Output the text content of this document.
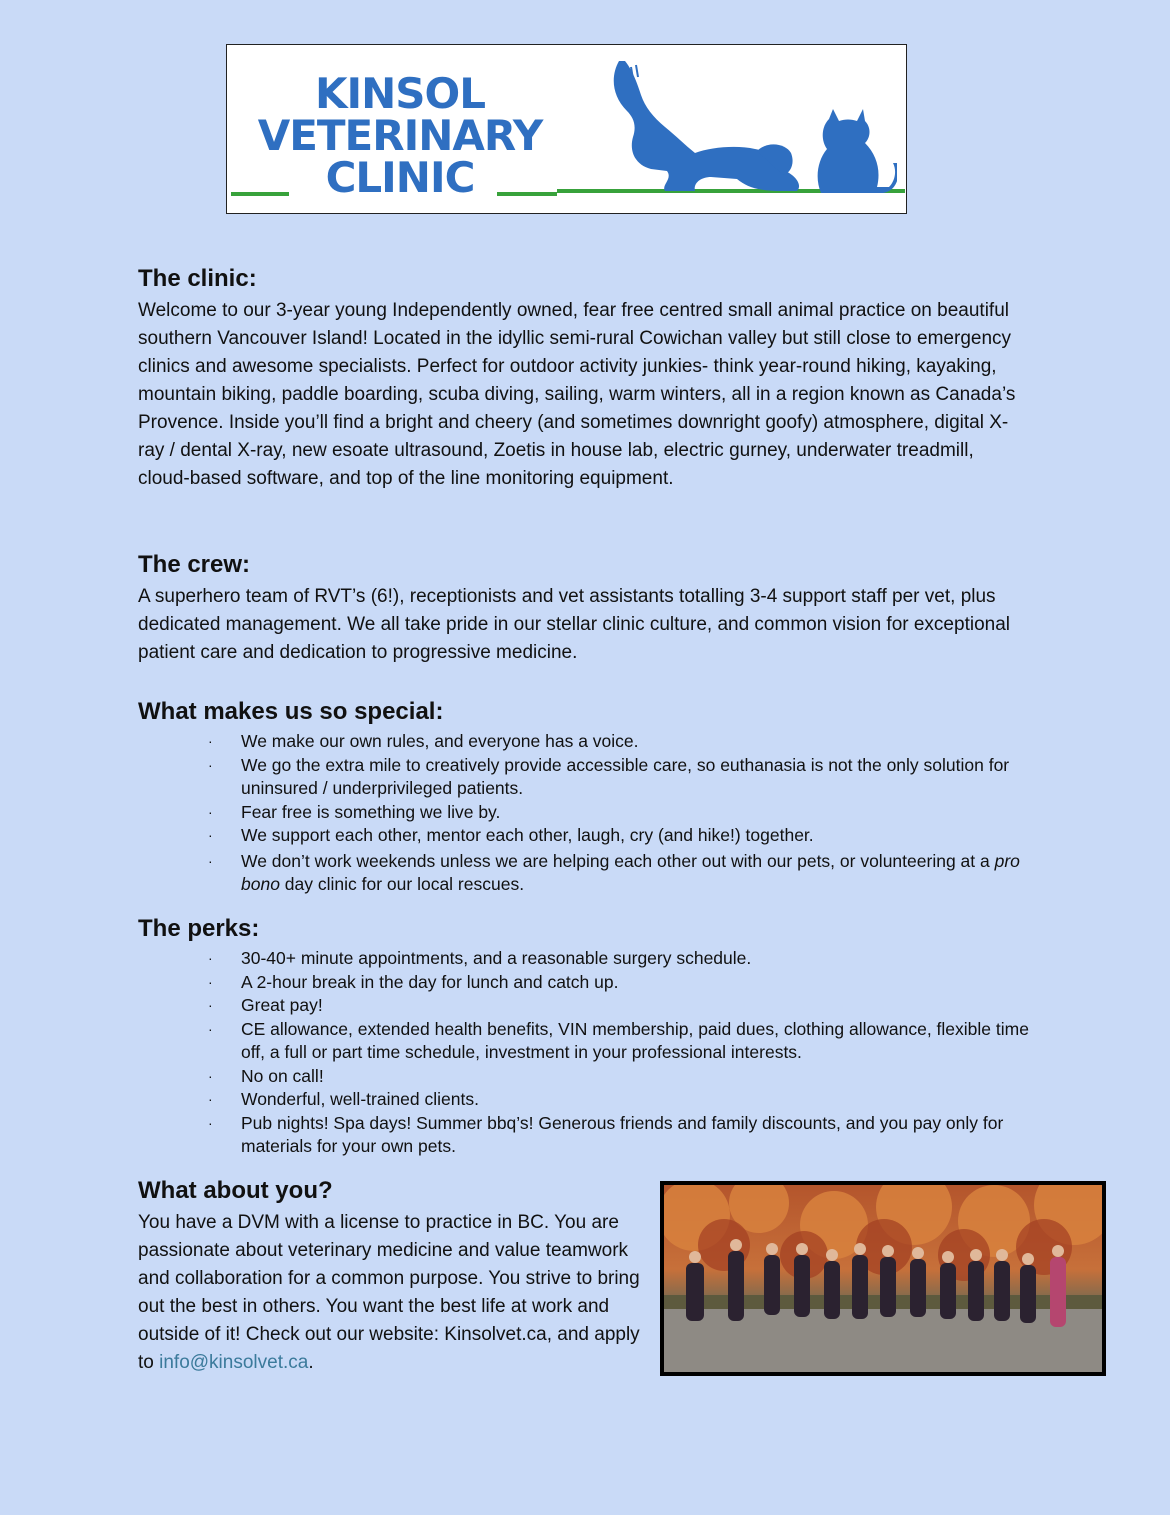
KINSOL
VETERINARY
CLINIC
The clinic:

Welcome to our 3-year young Independently owned, fear free centred small animal practice on beautiful southern Vancouver Island! Located in the idyllic semi-rural Cowichan valley but still close to emergency clinics and awesome specialists. Perfect for outdoor activity junkies- think year-round hiking, kayaking, mountain biking, paddle boarding, scuba diving, sailing, warm winters, all in a region known as Canada’s Provence. Inside you’ll find a bright and cheery (and sometimes downright goofy) atmosphere, digital X-ray / dental X-ray, new esoate ultrasound, Zoetis in house lab, electric gurney, underwater treadmill, cloud-based software, and top of the line monitoring equipment.

The crew:

A superhero team of RVT’s (6!), receptionists and vet assistants totalling 3-4 support staff per vet, plus dedicated management. We all take pride in our stellar clinic culture, and common vision for exceptional patient care and dedication to progressive medicine.

What makes us so special:
· We make our own rules, and everyone has a voice.
· We go the extra mile to creatively provide accessible care, so euthanasia is not the only solution for uninsured / underprivileged patients.
· Fear free is something we live by.
· We support each other, mentor each other, laugh, cry (and hike!) together.
· We don’t work weekends unless we are helping each other out with our pets, or volunteering at a pro bono day clinic for our local rescues.
The perks:
· 30-40+ minute appointments, and a reasonable surgery schedule.
· A 2-hour break in the day for lunch and catch up.
· Great pay!
· CE allowance, extended health benefits, VIN membership, paid dues, clothing allowance, flexible time off, a full or part time schedule, investment in your professional interests.
· No on call!
· Wonderful, well-trained clients.
· Pub nights! Spa days! Summer bbq’s! Generous friends and family discounts, and you pay only for materials for your own pets.
What about you?

You have a DVM with a license to practice in BC. You are passionate about veterinary medicine and value teamwork and collaboration for a common purpose. You strive to bring out the best in others. You want the best life at work and outside of it! Check out our website: Kinsolvet.ca, and apply to info@kinsolvet.ca.
